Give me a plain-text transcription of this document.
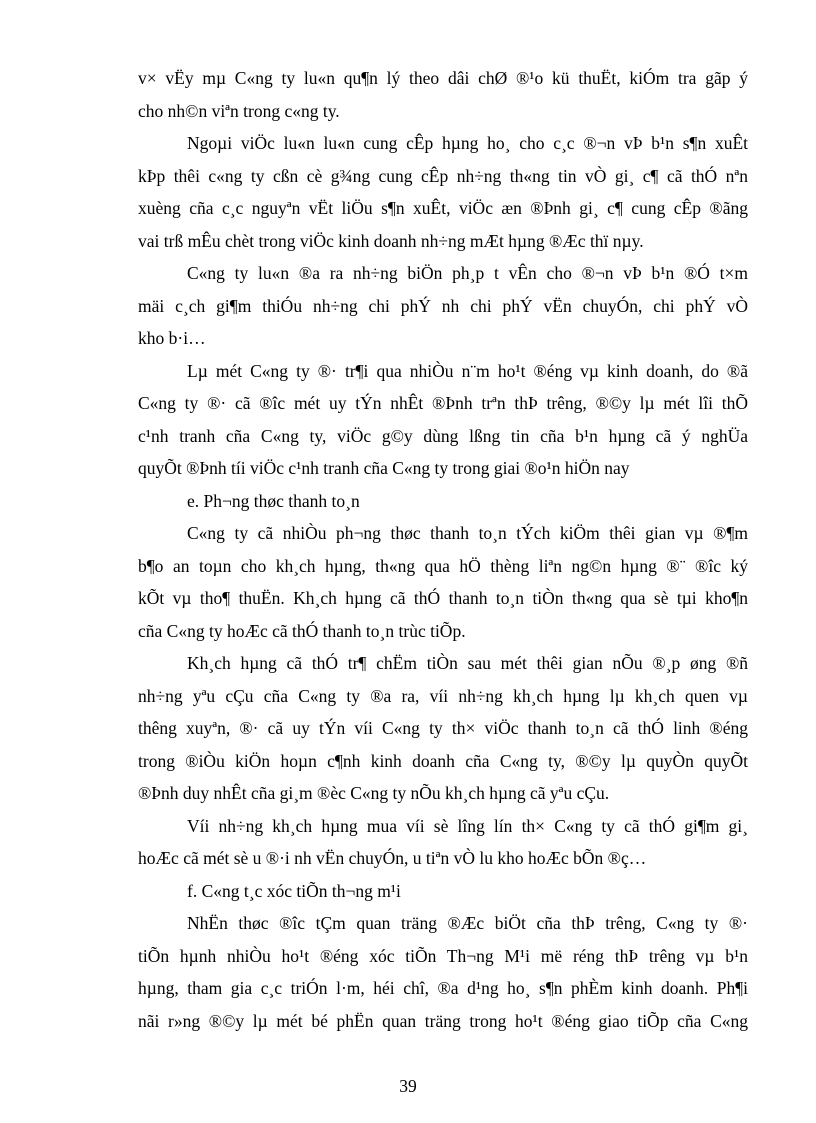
v× vËy mµ C«ng ty lu«n qu¶n lý theo dâi chØ ®¹o kü thuËt, kiÓm tra gãp ý
cho nh©n viªn trong c«ng ty.
Ngoµi viÖc lu«n lu«n cung cÊp hµng ho¸ cho c¸c ®¬n vÞ b¹n s¶n xuÊt
kÞp thêi c«ng ty cßn cè g¾ng cung cÊp nh÷ng th«ng tin vÒ gi¸ c¶ cã thÓ nªn
xuèng cña c¸c nguyªn vËt liÖu s¶n xuÊt, viÖc æn ®Þnh gi¸ c¶ cung cÊp ®ãng
vai trß mÊu chèt trong viÖc kinh doanh nh÷ng mÆt hµng ®Æc thï nµy.
C«ng ty lu«n ®a ra nh÷ng biÖn ph¸p t vÊn cho ®¬n vÞ b¹n ®Ó t×m
mäi c¸ch gi¶m thiÓu nh÷ng chi phÝ nh chi phÝ vËn chuyÓn, chi phÝ vÒ
kho b·i…
Lµ mét C«ng ty ®· tr¶i qua nhiÒu n¨m ho¹t ®éng vµ kinh doanh, do ®ã
C«ng ty ®· cã ®îc mét uy tÝn nhÊt ®Þnh trªn thÞ trêng, ®©y lµ mét lîi thÕ
c¹nh tranh cña C«ng ty, viÖc g©y dùng lßng tin cña b¹n hµng cã ý nghÜa
quyÕt ®Þnh tíi viÖc c¹nh tranh cña C«ng ty trong giai ®o¹n hiÖn nay
e. Ph¬ng thøc thanh to¸n
C«ng ty cã nhiÒu ph¬ng thøc thanh to¸n tÝch kiÖm thêi gian vµ ®¶m
b¶o an toµn cho kh¸ch hµng, th«ng qua hÖ thèng liªn ng©n hµng ®¨ ®îc ký
kÕt vµ tho¶ thuËn. Kh¸ch hµng cã thÓ thanh to¸n tiÒn th«ng qua sè tµi kho¶n
cña C«ng ty hoÆc cã thÓ thanh to¸n trùc tiÕp.
Kh¸ch hµng cã thÓ tr¶ chËm tiÒn sau mét thêi gian nÕu ®¸p øng ®ñ
nh÷ng yªu cÇu cña C«ng ty ®a ra, víi nh÷ng kh¸ch hµng lµ kh¸ch quen vµ
thêng xuyªn, ®· cã uy tÝn víi C«ng ty th× viÖc thanh to¸n cã thÓ linh ®éng
trong ®iÒu kiÖn hoµn c¶nh kinh doanh cña C«ng ty, ®©y lµ quyÒn quyÕt
®Þnh duy nhÊt cña gi¸m ®èc C«ng ty nÕu kh¸ch hµng cã yªu cÇu.
Víi nh÷ng kh¸ch hµng mua víi sè lîng lín th× C«ng ty cã thÓ gi¶m gi¸
hoÆc cã mét sè u ®·i nh vËn chuyÓn, u tiªn vÒ lu kho hoÆc bÕn ®ç…
f. C«ng t¸c xóc tiÕn th¬ng m¹i
NhËn thøc ®îc tÇm quan träng ®Æc biÖt cña thÞ trêng, C«ng ty ®·
tiÕn hµnh nhiÒu ho¹t ®éng xóc tiÕn Th¬ng M¹i më réng thÞ trêng vµ b¹n
hµng, tham gia c¸c triÓn l·m, héi chî, ®a d¹ng ho¸ s¶n phÈm kinh doanh. Ph¶i
nãi r»ng ®©y lµ mét bé phËn quan träng trong ho¹t ®éng giao tiÕp cña C«ng
39
